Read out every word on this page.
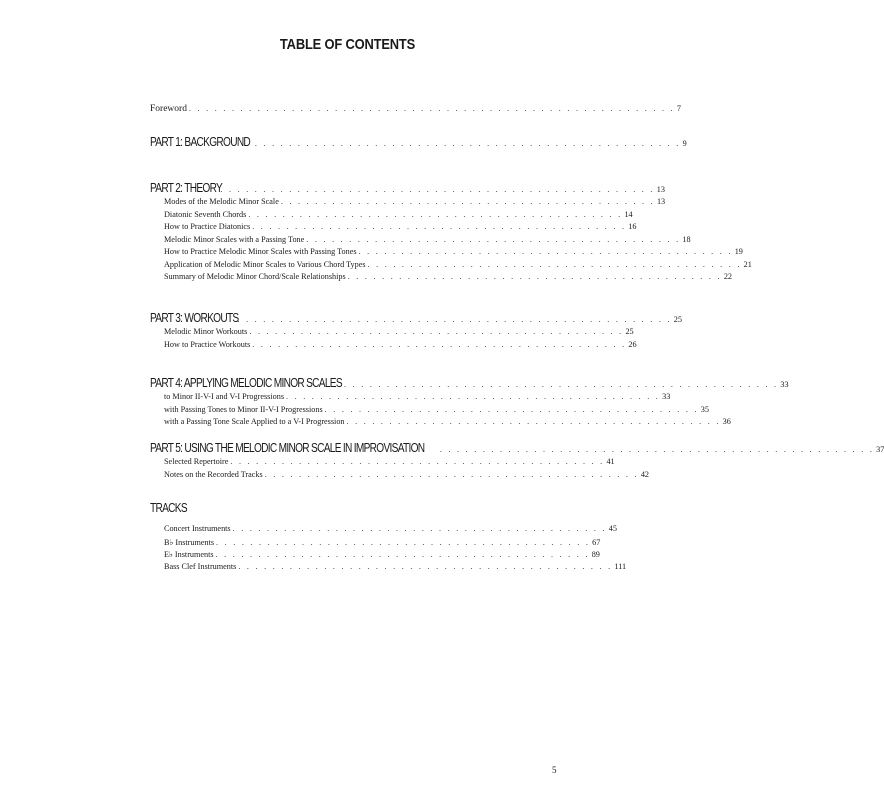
TABLE OF CONTENTS
Foreword . . . . . . . . . . . . . . . . . . . . . . . . . . . . . . . . . . . . . . . . . . . . . . . . . . . . . . . . . 7
PART 1: BACKGROUND
. . . . . . . . . . . . . . . . . . . . . . . . . . . . . . . . . . . . . . . . . . . . . . . . . . . 9
PART 2: THEORY
. . . . . . . . . . . . . . . . . . . . . . . . . . . . . . . . . . . . . . . . . . . . . . . . . . . 13
Modes of the Melodic Minor Scale . . . . . . . . . . . . . . . . . . . . . . . . . . . . . . . . . . . . . . . . . . . . 13
Diatonic Seventh Chords . . . . . . . . . . . . . . . . . . . . . . . . . . . . . . . . . . . . . . . . . . . . 14
How to Practice Diatonics . . . . . . . . . . . . . . . . . . . . . . . . . . . . . . . . . . . . . . . . . . . . 16
Melodic Minor Scales with a Passing Tone . . . . . . . . . . . . . . . . . . . . . . . . . . . . . . . . . . . . . . . . . . . . 18
How to Practice Melodic Minor Scales with Passing Tones . . . . . . . . . . . . . . . . . . . . . . . . . . . . . . . . . . . . . . . . . . . . 19
Application of Melodic Minor Scales to Various Chord Types . . . . . . . . . . . . . . . . . . . . . . . . . . . . . . . . . . . . . . . . . . . . 21
Summary of Melodic Minor Chord/Scale Relationships . . . . . . . . . . . . . . . . . . . . . . . . . . . . . . . . . . . . . . . . . . . . 22
PART 3: WORKOUTS
. . . . . . . . . . . . . . . . . . . . . . . . . . . . . . . . . . . . . . . . . . . . . . . . . . . 25
Melodic Minor Workouts . . . . . . . . . . . . . . . . . . . . . . . . . . . . . . . . . . . . . . . . . . . . 25
How to Practice Workouts . . . . . . . . . . . . . . . . . . . . . . . . . . . . . . . . . . . . . . . . . . . . 26
PART 4: APPLYING MELODIC MINOR SCALES . . . . . . . . . . . . . . . . . . . . . . . . . . . . . . . . . . . . . . . . . . . . . . . . . . . 33
to Minor II-V-I and V-I Progressions . . . . . . . . . . . . . . . . . . . . . . . . . . . . . . . . . . . . . . . . . . . . 33
with Passing Tones to Minor II-V-I Progressions . . . . . . . . . . . . . . . . . . . . . . . . . . . . . . . . . . . . . . . . . . . . 35
with a Passing Tone Scale Applied to a V-I Progression . . . . . . . . . . . . . . . . . . . . . . . . . . . . . . . . . . . . . . . . . . . . 36
PART 5: USING THE MELODIC MINOR SCALE IN IMPROVISATION . . . . . . . . . . . . . . . . . . . . . . . . . . . . . . . . . . . . . . . . . . . . . . . . . . . 37
Selected Repertoire . . . . . . . . . . . . . . . . . . . . . . . . . . . . . . . . . . . . . . . . . . . . 41
Notes on the Recorded Tracks . . . . . . . . . . . . . . . . . . . . . . . . . . . . . . . . . . . . . . . . . . . . 42
TRACKS
Concert Instruments . . . . . . . . . . . . . . . . . . . . . . . . . . . . . . . . . . . . . . . . . . . . 45
B♭ Instruments . . . . . . . . . . . . . . . . . . . . . . . . . . . . . . . . . . . . . . . . . . . . 67
E♭ Instruments . . . . . . . . . . . . . . . . . . . . . . . . . . . . . . . . . . . . . . . . . . . . 89
Bass Clef Instruments . . . . . . . . . . . . . . . . . . . . . . . . . . . . . . . . . . . . . . . . . . . . 111
5
